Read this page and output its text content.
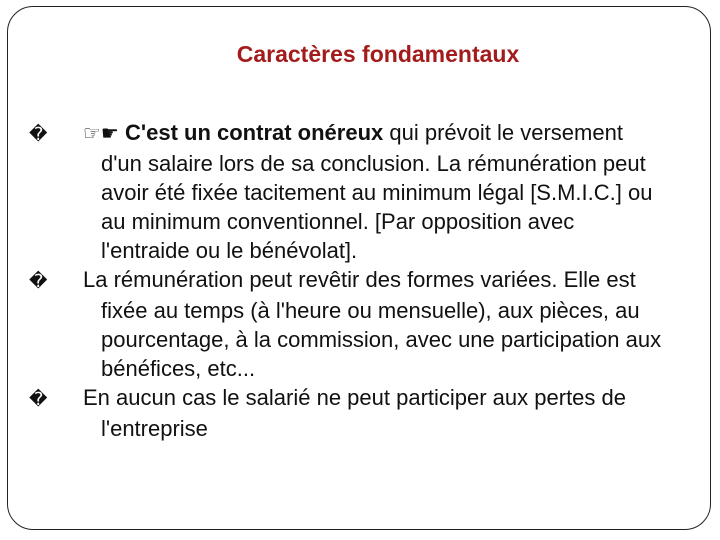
Caractères fondamentaux

� ☞☛ C'est un contrat onéreux qui prévoit le versement d'un salaire lors de sa conclusion. La rémunération peut avoir été fixée tacitement au minimum légal [S.M.I.C.] ou au minimum conventionnel. [Par opposition avec l'entraide ou le bénévolat].

� La rémunération peut revêtir des formes variées. Elle est fixée au temps (à l'heure ou mensuelle), aux pièces, au pourcentage, à la commission, avec une participation aux bénéfices, etc...

� En aucun cas le salarié ne peut participer aux pertes de l'entreprise
